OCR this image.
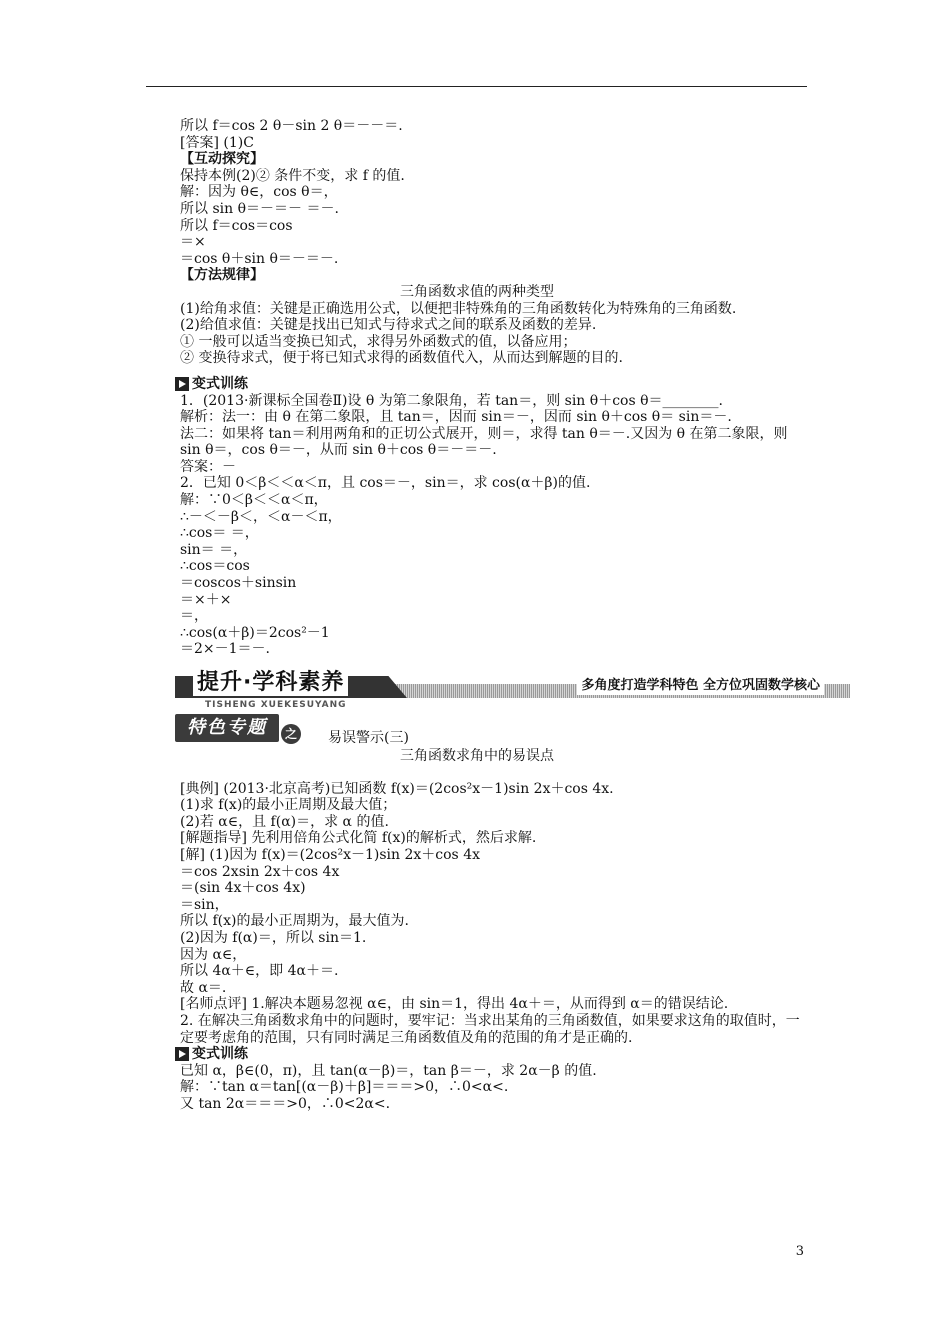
所以 f＝cos 2 θ－sin 2 θ＝－－＝.
[答案] (1)C
【互动探究】
保持本例(2)② 条件不变，求 f 的值.
解：因为 θ∈，cos θ＝，
所以 sin θ＝－＝－ ＝－.
所以 f＝cos＝cos
＝×
＝cos θ＋sin θ＝－＝－.
【方法规律】
三角函数求值的两种类型
(1)给角求值：关键是正确选用公式，以便把非特殊角的三角函数转化为特殊角的三角函数.
(2)给值求值：关键是找出已知式与待求式之间的联系及函数的差异.
① 一般可以适当变换已知式，求得另外函数式的值，以备应用；
② 变换待求式，便于将已知式求得的函数值代入，从而达到解题的目的.
变式训练
1．(2013·新课标全国卷Ⅱ)设 θ 为第二象限角，若 tan＝，则 sin θ＋cos θ＝________.
解析：法一：由 θ 在第二象限，且 tan＝，因而 sin＝－，因而 sin θ＋cos θ＝ sin＝－.
法二：如果将 tan＝利用两角和的正切公式展开，则＝，求得 tan θ＝－.又因为 θ 在第二象限，则 sin θ＝，cos θ＝－，从而 sin θ＋cos θ＝－＝－.
答案：－
2．已知 0＜β＜＜α＜π，且 cos＝－，sin＝，求 cos(α＋β)的值.
解：∵0＜β＜＜α＜π，
∴－＜－β＜，＜α－＜π，
∴cos＝ ＝，
sin＝ ＝，
∴cos＝cos
＝coscos＋sinsin
＝×＋×
＝，
∴cos(α＋β)＝2cos²－1
＝2×－1＝－.
提升·学科素养
TISHENG XUEKESUYANG
多角度打造学科特色 全方位巩固数学核心
特色专题	之 易误警示(三)
三角函数求角中的易误点
[典例] (2013·北京高考)已知函数 f(x)＝(2cos²x－1)sin 2x＋cos 4x.
(1)求 f(x)的最小正周期及最大值；
(2)若 α∈，且 f(α)＝，求 α 的值.
[解题指导] 先利用倍角公式化简 f(x)的解析式，然后求解.
[解] (1)因为 f(x)＝(2cos²x－1)sin 2x＋cos 4x
＝cos 2xsin 2x＋cos 4x
＝(sin 4x＋cos 4x)
＝sin，
所以 f(x)的最小正周期为，最大值为.
(2)因为 f(α)＝，所以 sin＝1.
因为 α∈，
所以 4α＋∈，即 4α＋＝.
故 α＝.
[名师点评] 1.解决本题易忽视 α∈，由 sin＝1，得出 4α＋＝，从而得到 α＝的错误结论.
2. 在解决三角函数求角中的问题时，要牢记：当求出某角的三角函数值，如果要求这角的取值时，一定要考虑角的范围，只有同时满足三角函数值及角的范围的角才是正确的.
变式训练
已知 α，β∈(0，π)，且 tan(α－β)＝，tan β＝－，求 2α－β 的值.
解：∵tan α＝tan[(α－β)＋β]＝＝＝>0，∴0<α<.
又 tan 2α＝＝＝>0，∴0<2α<.
3
